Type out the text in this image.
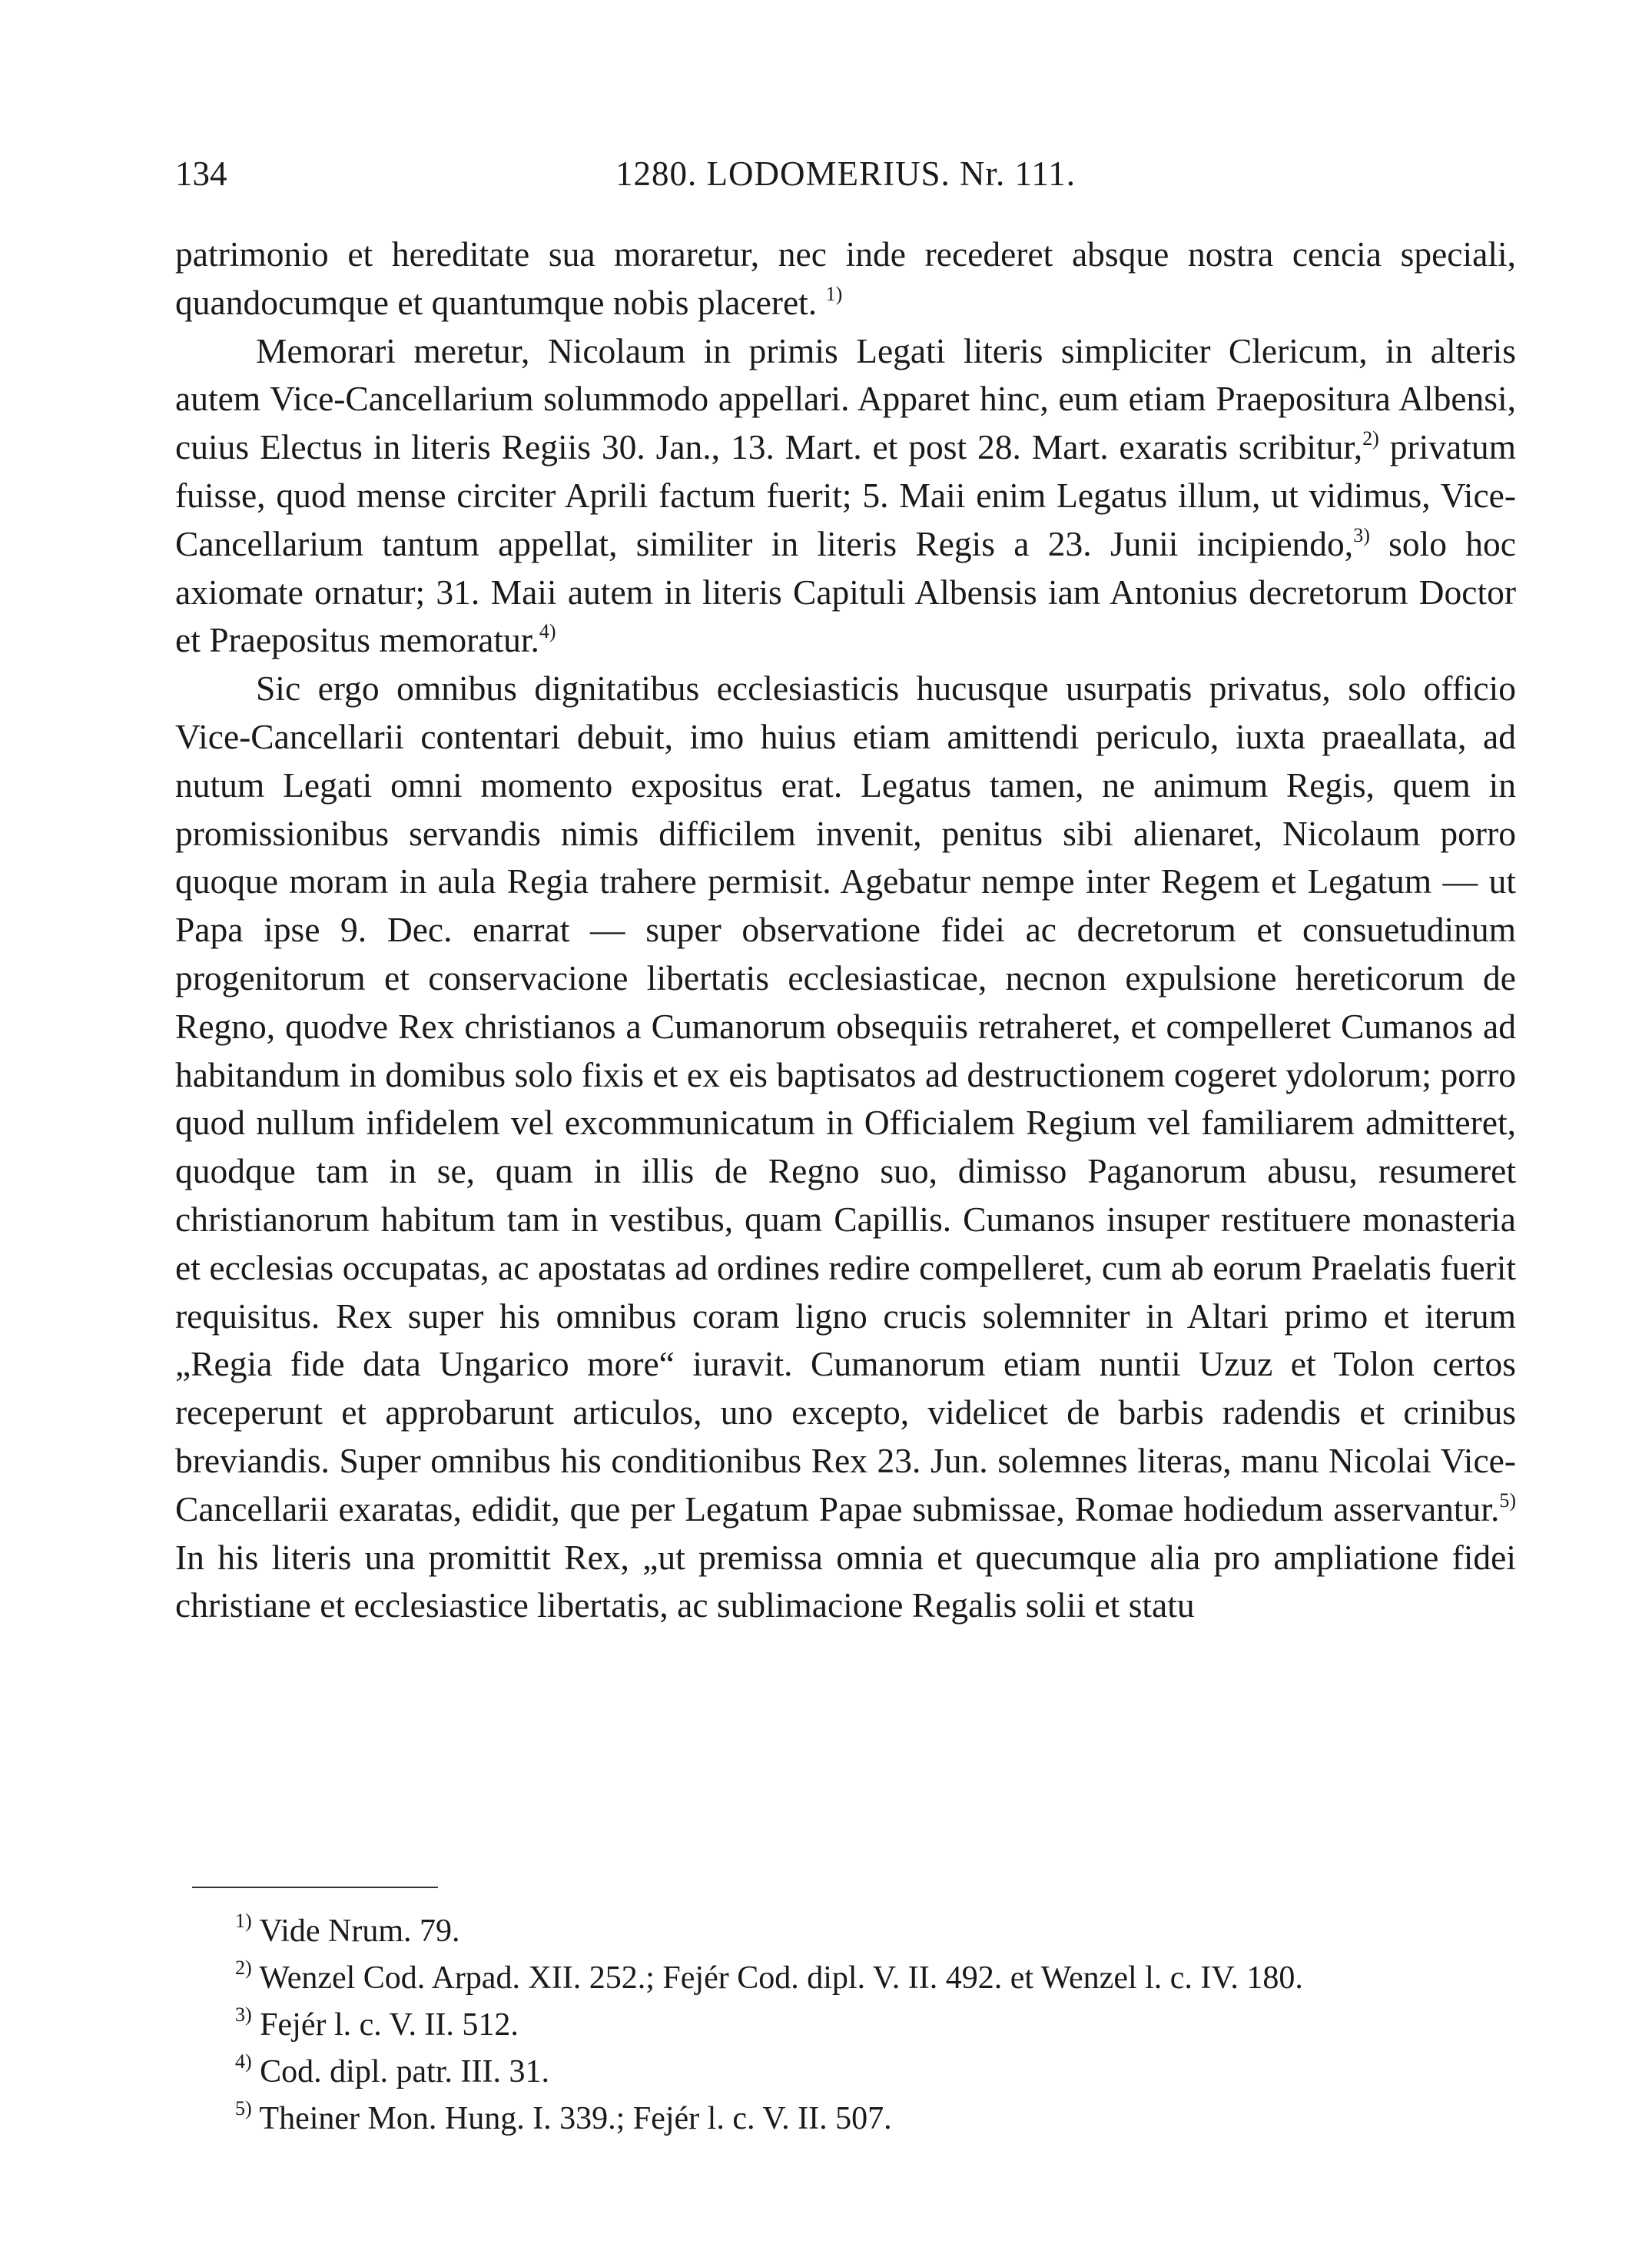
134	1280. LODOMERIUS. Nr. 111.

patrimonio et hereditate sua moraretur, nec inde recederet absque nostra cencia speciali, quandocumque et quantumque nobis placeret. $^{1)}$

Memorari meretur, Nicolaum in primis Legati literis simpliciter Clericum, in alteris autem Vice-Cancellarium solummodo appellari. Apparet hinc, eum etiam Praepositura Albensi, cuius Electus in literis Regiis 30. Jan., 13. Mart. et post 28. Mart. exaratis scribitur,$^{2)}$ privatum fuisse, quod mense circiter Aprili factum fuerit; 5. Maii enim Legatus illum, ut vidimus, Vice-Cancellarium tantum appellat, similiter in literis Regis a 23. Junii incipiendo,$^{3)}$ solo hoc axiomate ornatur; 31. Maii autem in literis Capituli Albensis iam Antonius decretorum Doctor et Praepositus memoratur.$^{4)}$

Sic ergo omnibus dignitatibus ecclesiasticis hucusque usurpatis privatus, solo officio Vice-Cancellarii contentari debuit, imo huius etiam amittendi periculo, iuxta praeallata, ad nutum Legati omni momento expositus erat. Legatus tamen, ne animum Regis, quem in promissionibus servandis nimis difficilem invenit, penitus sibi alienaret, Nicolaum porro quoque moram in aula Regia trahere permisit. Agebatur nempe inter Regem et Legatum — ut Papa ipse 9. Dec. enarrat — super observatione fidei ac decretorum et consuetudinum progenitorum et conservacione libertatis ecclesiasticae, necnon expulsione hereticorum de Regno, quodve Rex christianos a Cumanorum obsequiis retraheret, et compelleret Cumanos ad habitandum in domibus solo fixis et ex eis baptisatos ad destructionem cogeret ydolorum; porro quod nullum infidelem vel excommunicatum in Officialem Regium vel familiarem admitteret, quodque tam in se, quam in illis de Regno suo, dimisso Paganorum abusu, resumeret christianorum habitum tam in vestibus, quam Capillis. Cumanos insuper restituere monasteria et ecclesias occupatas, ac apostatas ad ordines redire compelleret, cum ab eorum Praelatis fuerit requisitus. Rex super his omnibus coram ligno crucis solemniter in Altari primo et iterum „Regia fide data Ungarico more“ iuravit. Cumanorum etiam nuntii Uzuz et Tolon certos receperunt et approbarunt articulos, uno excepto, videlicet de barbis radendis et crinibus breviandis. Super omnibus his conditionibus Rex 23. Jun. solemnes literas, manu Nicolai Vice-Cancellarii exaratas, edidit, que per Legatum Papae submissae, Romae hodiedum asservantur.$^{5)}$ In his literis una promittit Rex, „ut premissa omnia et quecumque alia pro ampliatione fidei christiane et ecclesiastice libertatis, ac sublimacione Regalis solii et statu

$^{1)}$ Vide Nrum. 79.

$^{2)}$ Wenzel Cod. Arpad. XII. 252.; Fejér Cod. dipl. V. II. 492. et Wenzel l. c. IV. 180.

$^{3)}$ Fejér l. c. V. II. 512.

$^{4)}$ Cod. dipl. patr. III. 31.

$^{5)}$ Theiner Mon. Hung. I. 339.; Fejér l. c. V. II. 507.
